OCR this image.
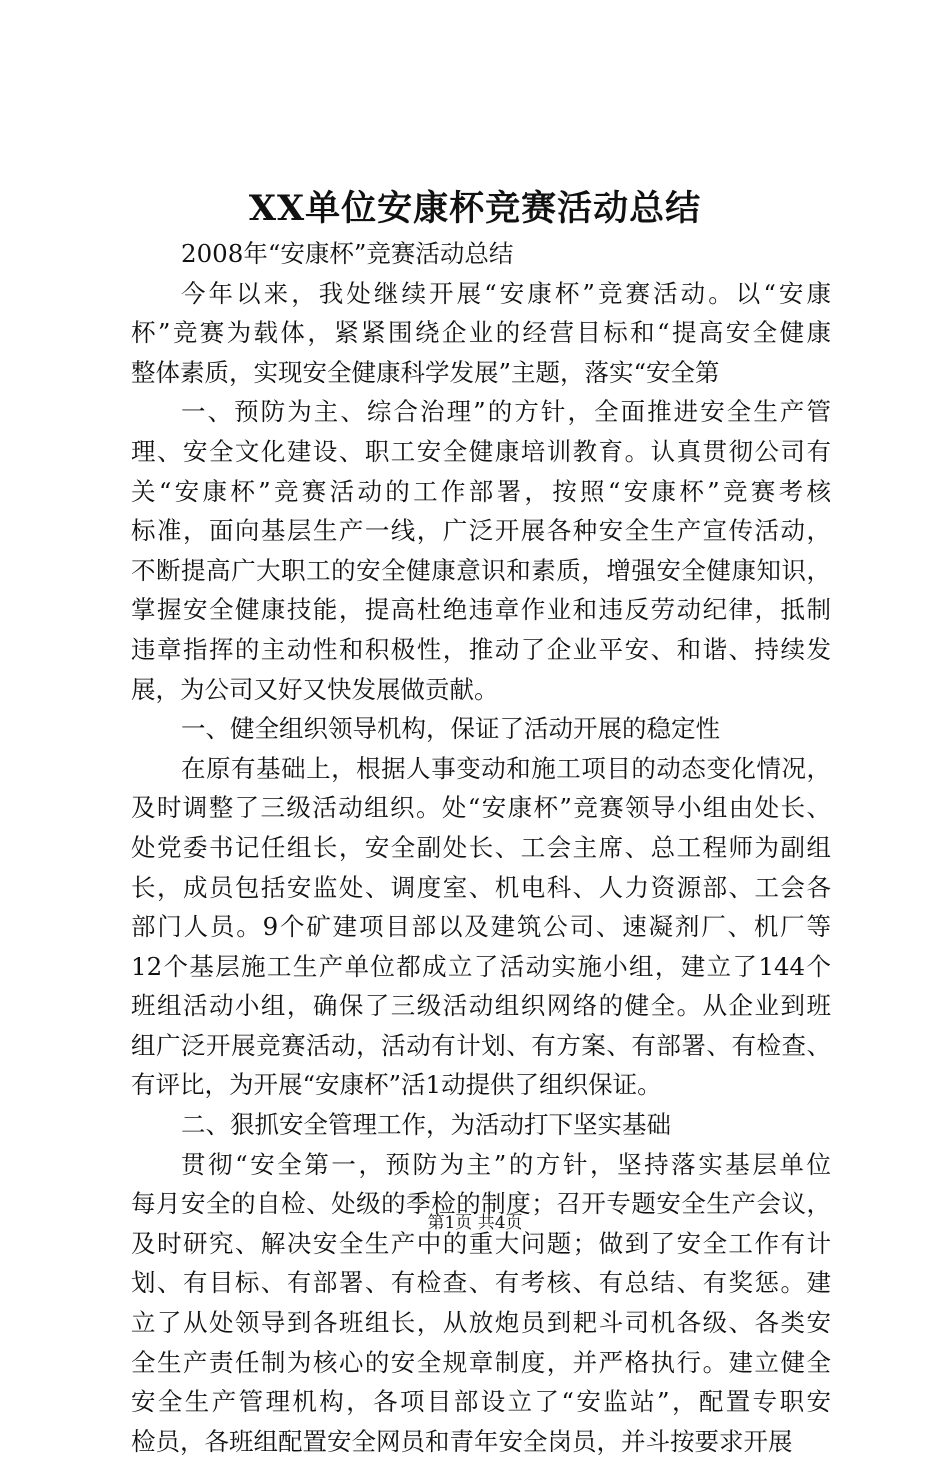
XX单位安康杯竞赛活动总结
2008年“安康杯”竞赛活动总结
今年以来，我处继续开展“安康杯”竞赛活动。以“安康
杯”竞赛为载体，紧紧围绕企业的经营目标和“提高安全健康
整体素质，实现安全健康科学发展”主题，落实“安全第
一、预防为主、综合治理”的方针，全面推进安全生产管
理、安全文化建设、职工安全健康培训教育。认真贯彻公司有
关“安康杯”竞赛活动的工作部署，按照“安康杯”竞赛考核
标准，面向基层生产一线，广泛开展各种安全生产宣传活动，
不断提高广大职工的安全健康意识和素质，增强安全健康知识，
掌握安全健康技能，提高杜绝违章作业和违反劳动纪律，抵制
违章指挥的主动性和积极性，推动了企业平安、和谐、持续发
展，为公司又好又快发展做贡献。
一、健全组织领导机构，保证了活动开展的稳定性
在原有基础上，根据人事变动和施工项目的动态变化情况，
及时调整了三级活动组织。处“安康杯”竞赛领导小组由处长、
处党委书记任组长，安全副处长、工会主席、总工程师为副组
长，成员包括安监处、调度室、机电科、人力资源部、工会各
部门人员。9个矿建项目部以及建筑公司、速凝剂厂、机厂等
12个基层施工生产单位都成立了活动实施小组，建立了144个
班组活动小组，确保了三级活动组织网络的健全。从企业到班
组广泛开展竞赛活动，活动有计划、有方案、有部署、有检查、
有评比，为开展“安康杯”活1动提供了组织保证。
二、狠抓安全管理工作，为活动打下坚实基础
贯彻“安全第一，预防为主”的方针，坚持落实基层单位
每月安全的自检、处级的季检的制度；召开专题安全生产会议，
及时研究、解决安全生产中的重大问题；做到了安全工作有计
划、有目标、有部署、有检查、有考核、有总结、有奖惩。建
立了从处领导到各班组长，从放炮员到耙斗司机各级、各类安
全生产责任制为核心的安全规章制度，并严格执行。建立健全
安全生产管理机构，各项目部设立了“安监站”，配置专职安
检员，各班组配置安全网员和青年安全岗员，并斗按要求开展
第1页 共4页
